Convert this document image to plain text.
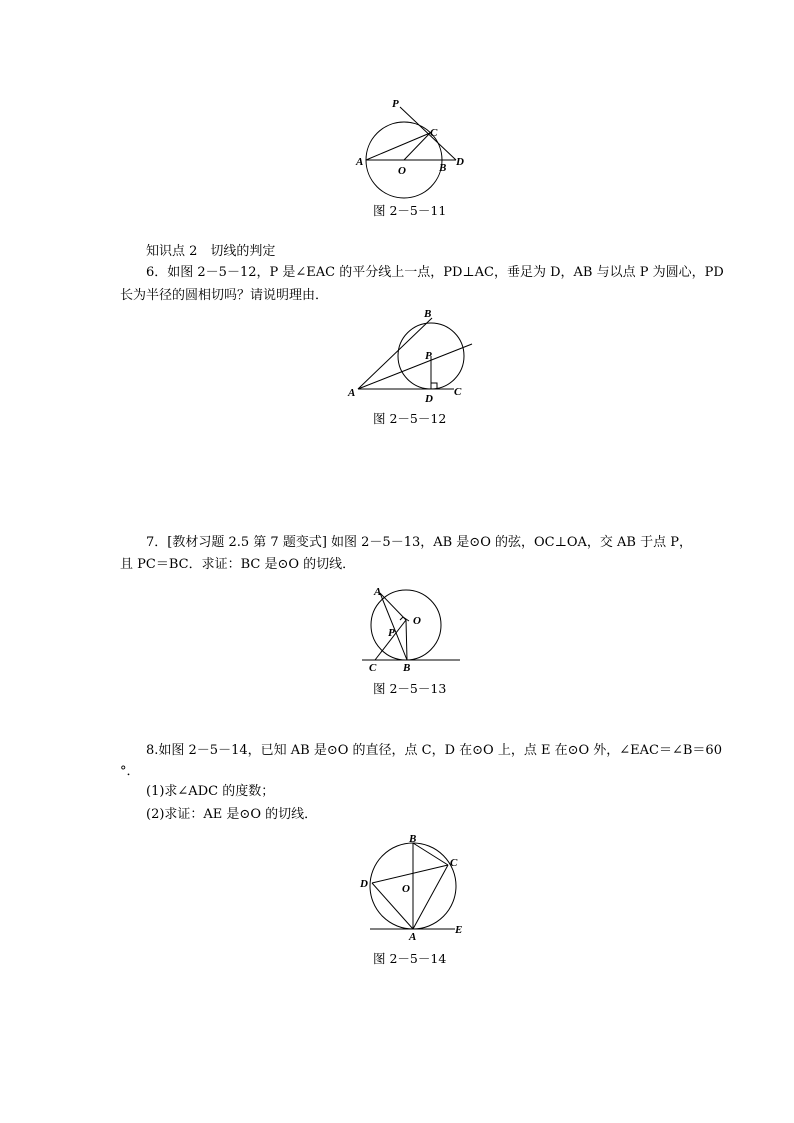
P
C
A
O	B D
图 2－5－11
知识点 2　切线的判定
6．如图 2－5－12，P 是∠EAC 的平分线上一点，PD⊥AC，垂足为 D，AB 与以点 P 为圆心，PD
长为半径的圆相切吗？请说明理由．
B
P
A	D
C
图 2－5－12
7．[教材习题 2.5 第 7 题变式] 如图 2－5－13，AB 是⊙O 的弦，OC⊥OA，交 AB 于点 P，
且 PC＝BC．求证：BC 是⊙O 的切线．
A
O
P
C B
图 2－5－13
8.如图 2－5－14，已知 AB 是⊙O 的直径，点 C，D 在⊙O 上，点 E 在⊙O 外，∠EAC＝∠B＝60
°．
(1)求∠ADC 的度数；
(2)求证：AE 是⊙O 的切线．
B
C
D	O
A
E
图 2－5－14
